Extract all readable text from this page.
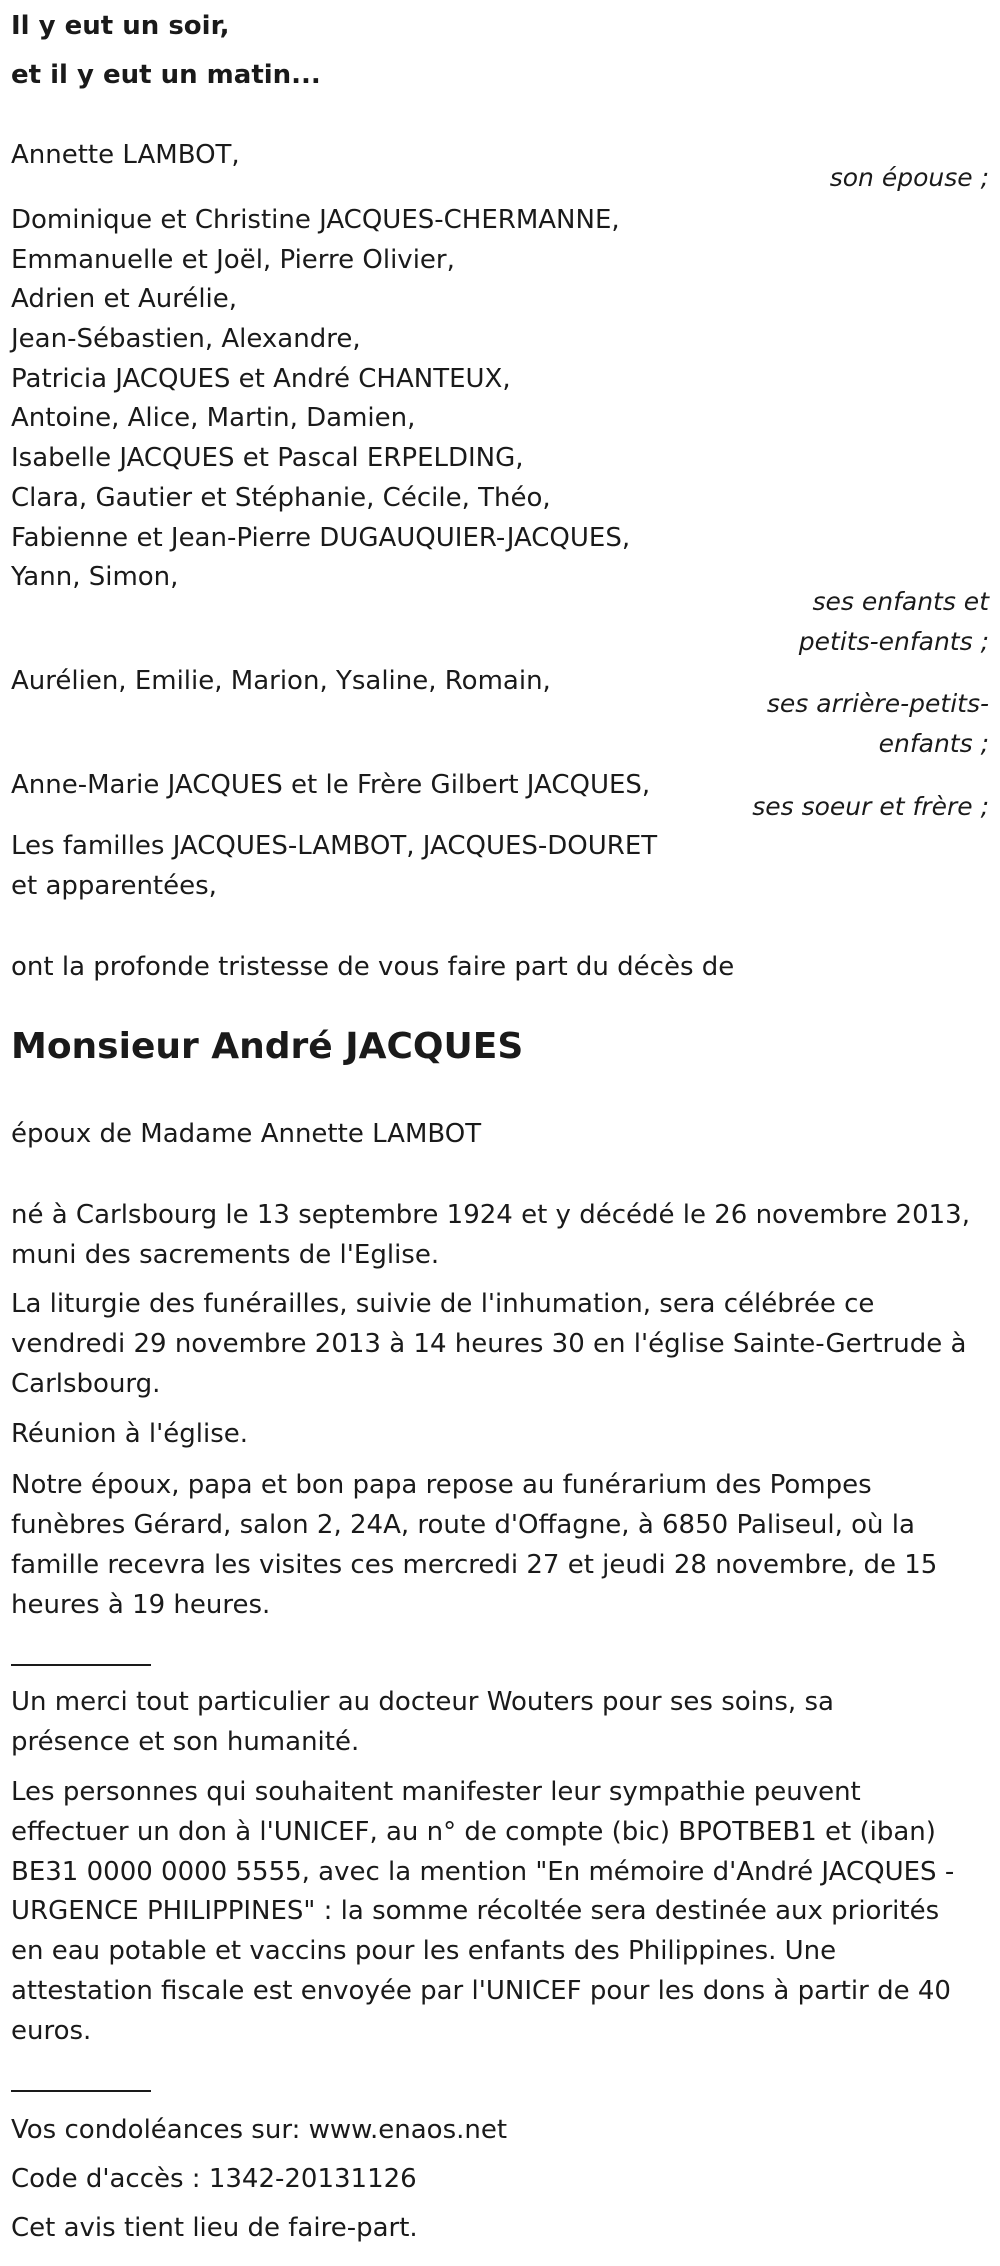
Il y eut un soir,
et il y eut un matin...
Annette LAMBOT,
son épouse ;
Dominique et Christine JACQUES-CHERMANNE,
Emmanuelle et Joël, Pierre Olivier,
Adrien et Aurélie,
Jean-Sébastien, Alexandre,
Patricia JACQUES et André CHANTEUX,
Antoine, Alice, Martin, Damien,
Isabelle JACQUES et Pascal ERPELDING,
Clara, Gautier et Stéphanie, Cécile, Théo,
Fabienne et Jean-Pierre DUGAUQUIER-JACQUES,
Yann, Simon,
ses enfants et
petits-enfants ;
Aurélien, Emilie, Marion, Ysaline, Romain,
ses arrière-petits-
enfants ;
Anne-Marie JACQUES et le Frère Gilbert JACQUES,
ses soeur et frère ;
Les familles JACQUES-LAMBOT, JACQUES-DOURET
et apparentées,
ont la profonde tristesse de vous faire part du décès de
Monsieur André JACQUES
époux de Madame Annette LAMBOT
né à Carlsbourg le 13 septembre 1924 et y décédé le 26 novembre 2013,
muni des sacrements de l'Eglise.
La liturgie des funérailles, suivie de l'inhumation, sera célébrée ce
vendredi 29 novembre 2013 à 14 heures 30 en l'église Sainte-Gertrude à
Carlsbourg.
Réunion à l'église.
Notre époux, papa et bon papa repose au funérarium des Pompes
funèbres Gérard, salon 2, 24A, route d'Offagne, à 6850 Paliseul, où la
famille recevra les visites ces mercredi 27 et jeudi 28 novembre, de 15
heures à 19 heures.
Un merci tout particulier au docteur Wouters pour ses soins, sa
présence et son humanité.
Les personnes qui souhaitent manifester leur sympathie peuvent
effectuer un don à l'UNICEF, au n° de compte (bic) BPOTBEB1 et (iban)
BE31 0000 0000 5555, avec la mention "En mémoire d'André JACQUES -
URGENCE PHILIPPINES" : la somme récoltée sera destinée aux priorités
en eau potable et vaccins pour les enfants des Philippines. Une
attestation fiscale est envoyée par l'UNICEF pour les dons à partir de 40
euros.
Vos condoléances sur: www.enaos.net
Code d'accès : 1342-20131126
Cet avis tient lieu de faire-part.
